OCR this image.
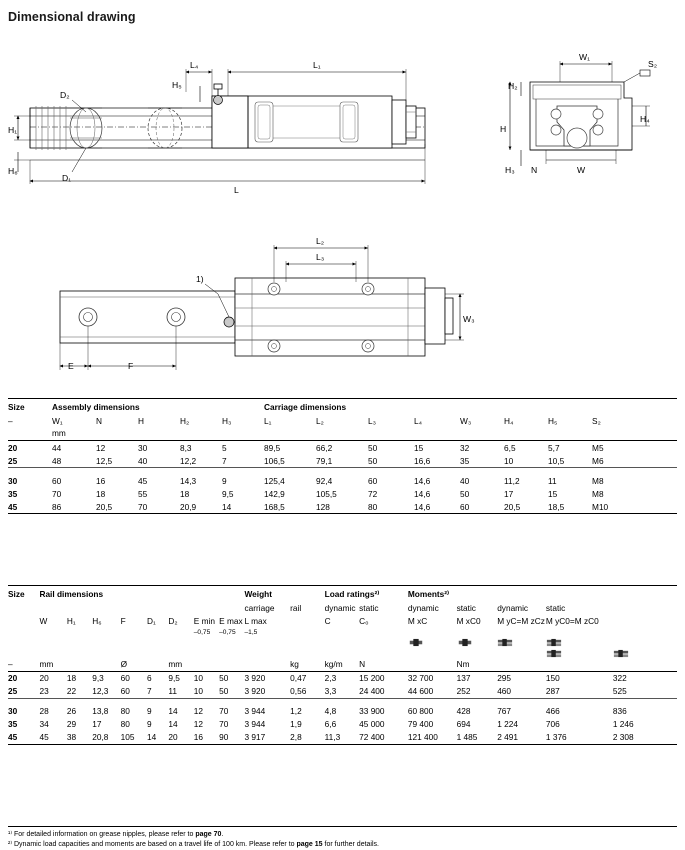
Dimensional drawing
H₁
H₆
D₂
D₁
L₄
H₅
L₁
L
W₁
S₂
H₂
H
H₃ N	W
H₄
L₂
L₃
W₃
E	F
1)
Size	Assembly dimensions					Carriage dimensions							
–	W₁	N	H	H₂	H₃	L₁	L₂	L₃	L₄	W₃	H₄	H₅	S₂
	mm												
20	44	12	30	8,3	5	89,5	66,2	50	15	32	6,5	5,7	M5
25	48	12,5	40	12,2	7	106,5	79,1	50	16,6	35	10	10,5	M6

30	60	16	45	14,3	9	125,4	92,4	60	14,6	40	11,2	11	M8
35	70	18	55	18	9,5	142,9	105,5	72	14,6	50	17	15	M8
45	86	20,5	70	20,9	14	168,5	128	80	14,6	60	20,5	18,5	M10
Size	Rail dimensions								Weight		Load ratings²⁾		Moments²⁾				
									carriage	rail	dynamic	static	dynamic	static	dynamic	static	
	W	H₁	H₆	F	D₁	D₂	E min	E max	L max		C	C₀	M xC	M xC0	M yC=M zCz	M yC0=M zC0	
							–0,75	–0,75	–1,5								

–	mm			Ø		mm				kg	kg/m	N		Nm			
20	20	18	9,3	60	6	9,5	10	50	3 920	0,47	2,3	15 200	32 700	137	295	150	322
25	23	22	12,3	60	7	11	10	50	3 920	0,56	3,3	24 400	44 600	252	460	287	525

30	28	26	13,8	80	9	14	12	70	3 944	1,2	4,8	33 900	60 800	428	767	466	836
35	34	29	17	80	9	14	12	70	3 944	1,9	6,6	45 000	79 400	694	1 224	706	1 246
45	45	38	20,8	105	14	20	16	90	3 917	2,8	11,3	72 400	121 400	1 485	2 491	1 376	2 308
¹⁾ For detailed information on grease nipples, please refer to page 70.
²⁾ Dynamic load capacities and moments are based on a travel life of 100 km. Please refer to page 15 for further details.
